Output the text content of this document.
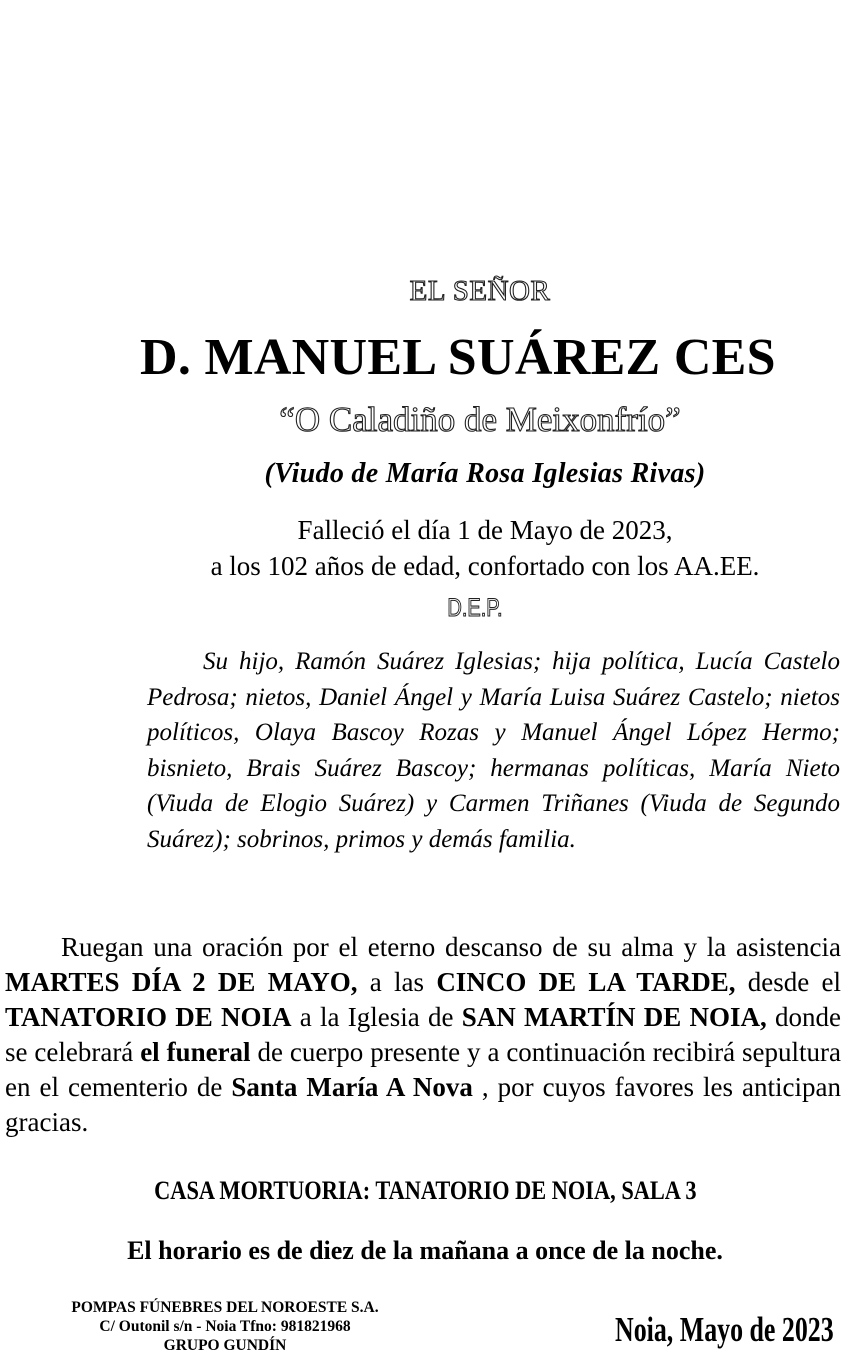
EL SEÑOR
D. MANUEL SUÁREZ CES
“O Caladiño de Meixonfrío”
(Viudo de María Rosa Iglesias Rivas)
Falleció el día 1 de Mayo de 2023,
a los 102 años de edad, confortado con los AA.EE.
D.E.P.

Su hijo, Ramón Suárez Iglesias; hija política, Lucía Castelo Pedrosa; nietos, Daniel Ángel y María Luisa Suárez Castelo; nietos políticos, Olaya Bascoy Rozas y Manuel Ángel López Hermo; bisnieto, Brais Suárez Bascoy; hermanas políticas, María Nieto (Viuda de Elogio Suárez) y Carmen Triñanes (Viuda de Segundo Suárez); sobrinos, primos y demás familia.

Ruegan una oración por el eterno descanso de su alma y la asistencia MARTES DÍA 2 DE MAYO, a las CINCO DE LA TARDE, desde el TANATORIO DE NOIA a la Iglesia de SAN MARTÍN DE NOIA, donde se celebrará el funeral de cuerpo presente y a continuación recibirá sepultura en el cementerio de Santa María A Nova , por cuyos favores les anticipan gracias.

CASA MORTUORIA: TANATORIO DE NOIA, SALA 3
El horario es de diez de la mañana a once de la noche.
POMPAS FÚNEBRES DEL NOROESTE S.A.
C/ Outonil s/n - Noia Tfno: 981821968
GRUPO GUNDÍN	Noia, Mayo de 2023
